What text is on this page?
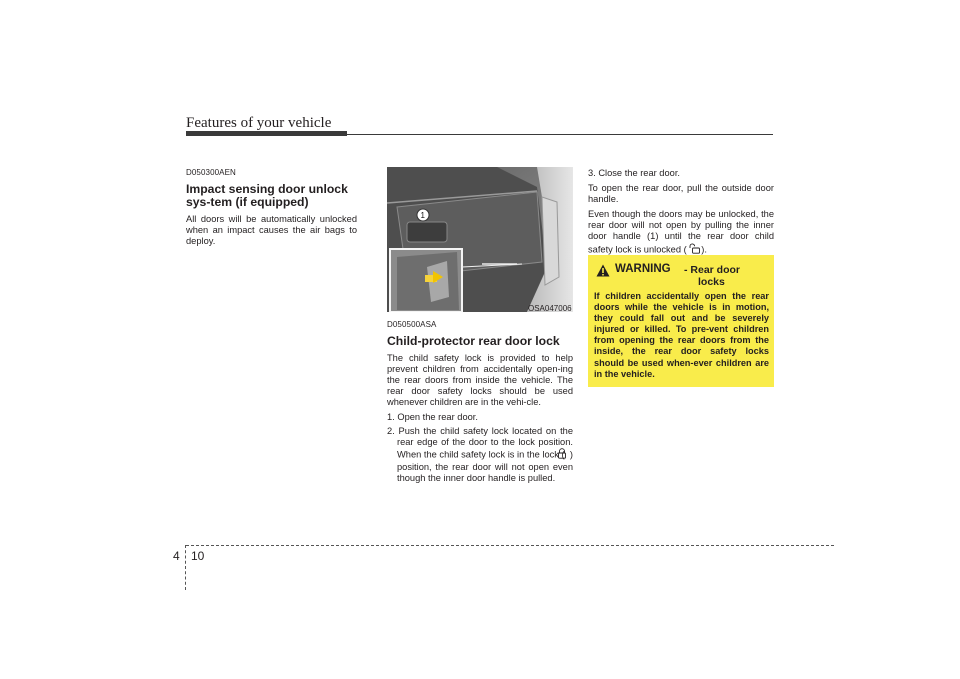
Features of your vehicle
D050300AEN
Impact sensing door unlock sys-tem (if equipped)
All doors will be automatically unlocked when an impact causes the air bags to deploy.
1
OSA047006
D050500ASA
Child-protector rear door lock

The child safety lock is provided to help prevent children from accidentally open-ing the rear doors from inside the vehicle. The rear door safety locks should be used whenever children are in the vehi-cle.

1. Open the rear door.
2. Push the child safety lock located on the rear edge of the door to the lock position. When the child safety lock is in the lock ( ) position, the rear door will not open even though the inner door handle is pulled.

3. Close the rear door.

To open the rear door, pull the outside door handle.

Even though the doors may be unlocked, the rear door will not open by pulling the inner door handle (1) until the rear door child safety lock is unlocked ( ).

WARNING - Rear door
locks
If children accidentally open the rear doors while the vehicle is in motion, they could fall out and be severely injured or killed. To pre-vent children from opening the rear doors from the inside, the rear door safety locks should be used when-ever children are in the vehicle.
4 10
